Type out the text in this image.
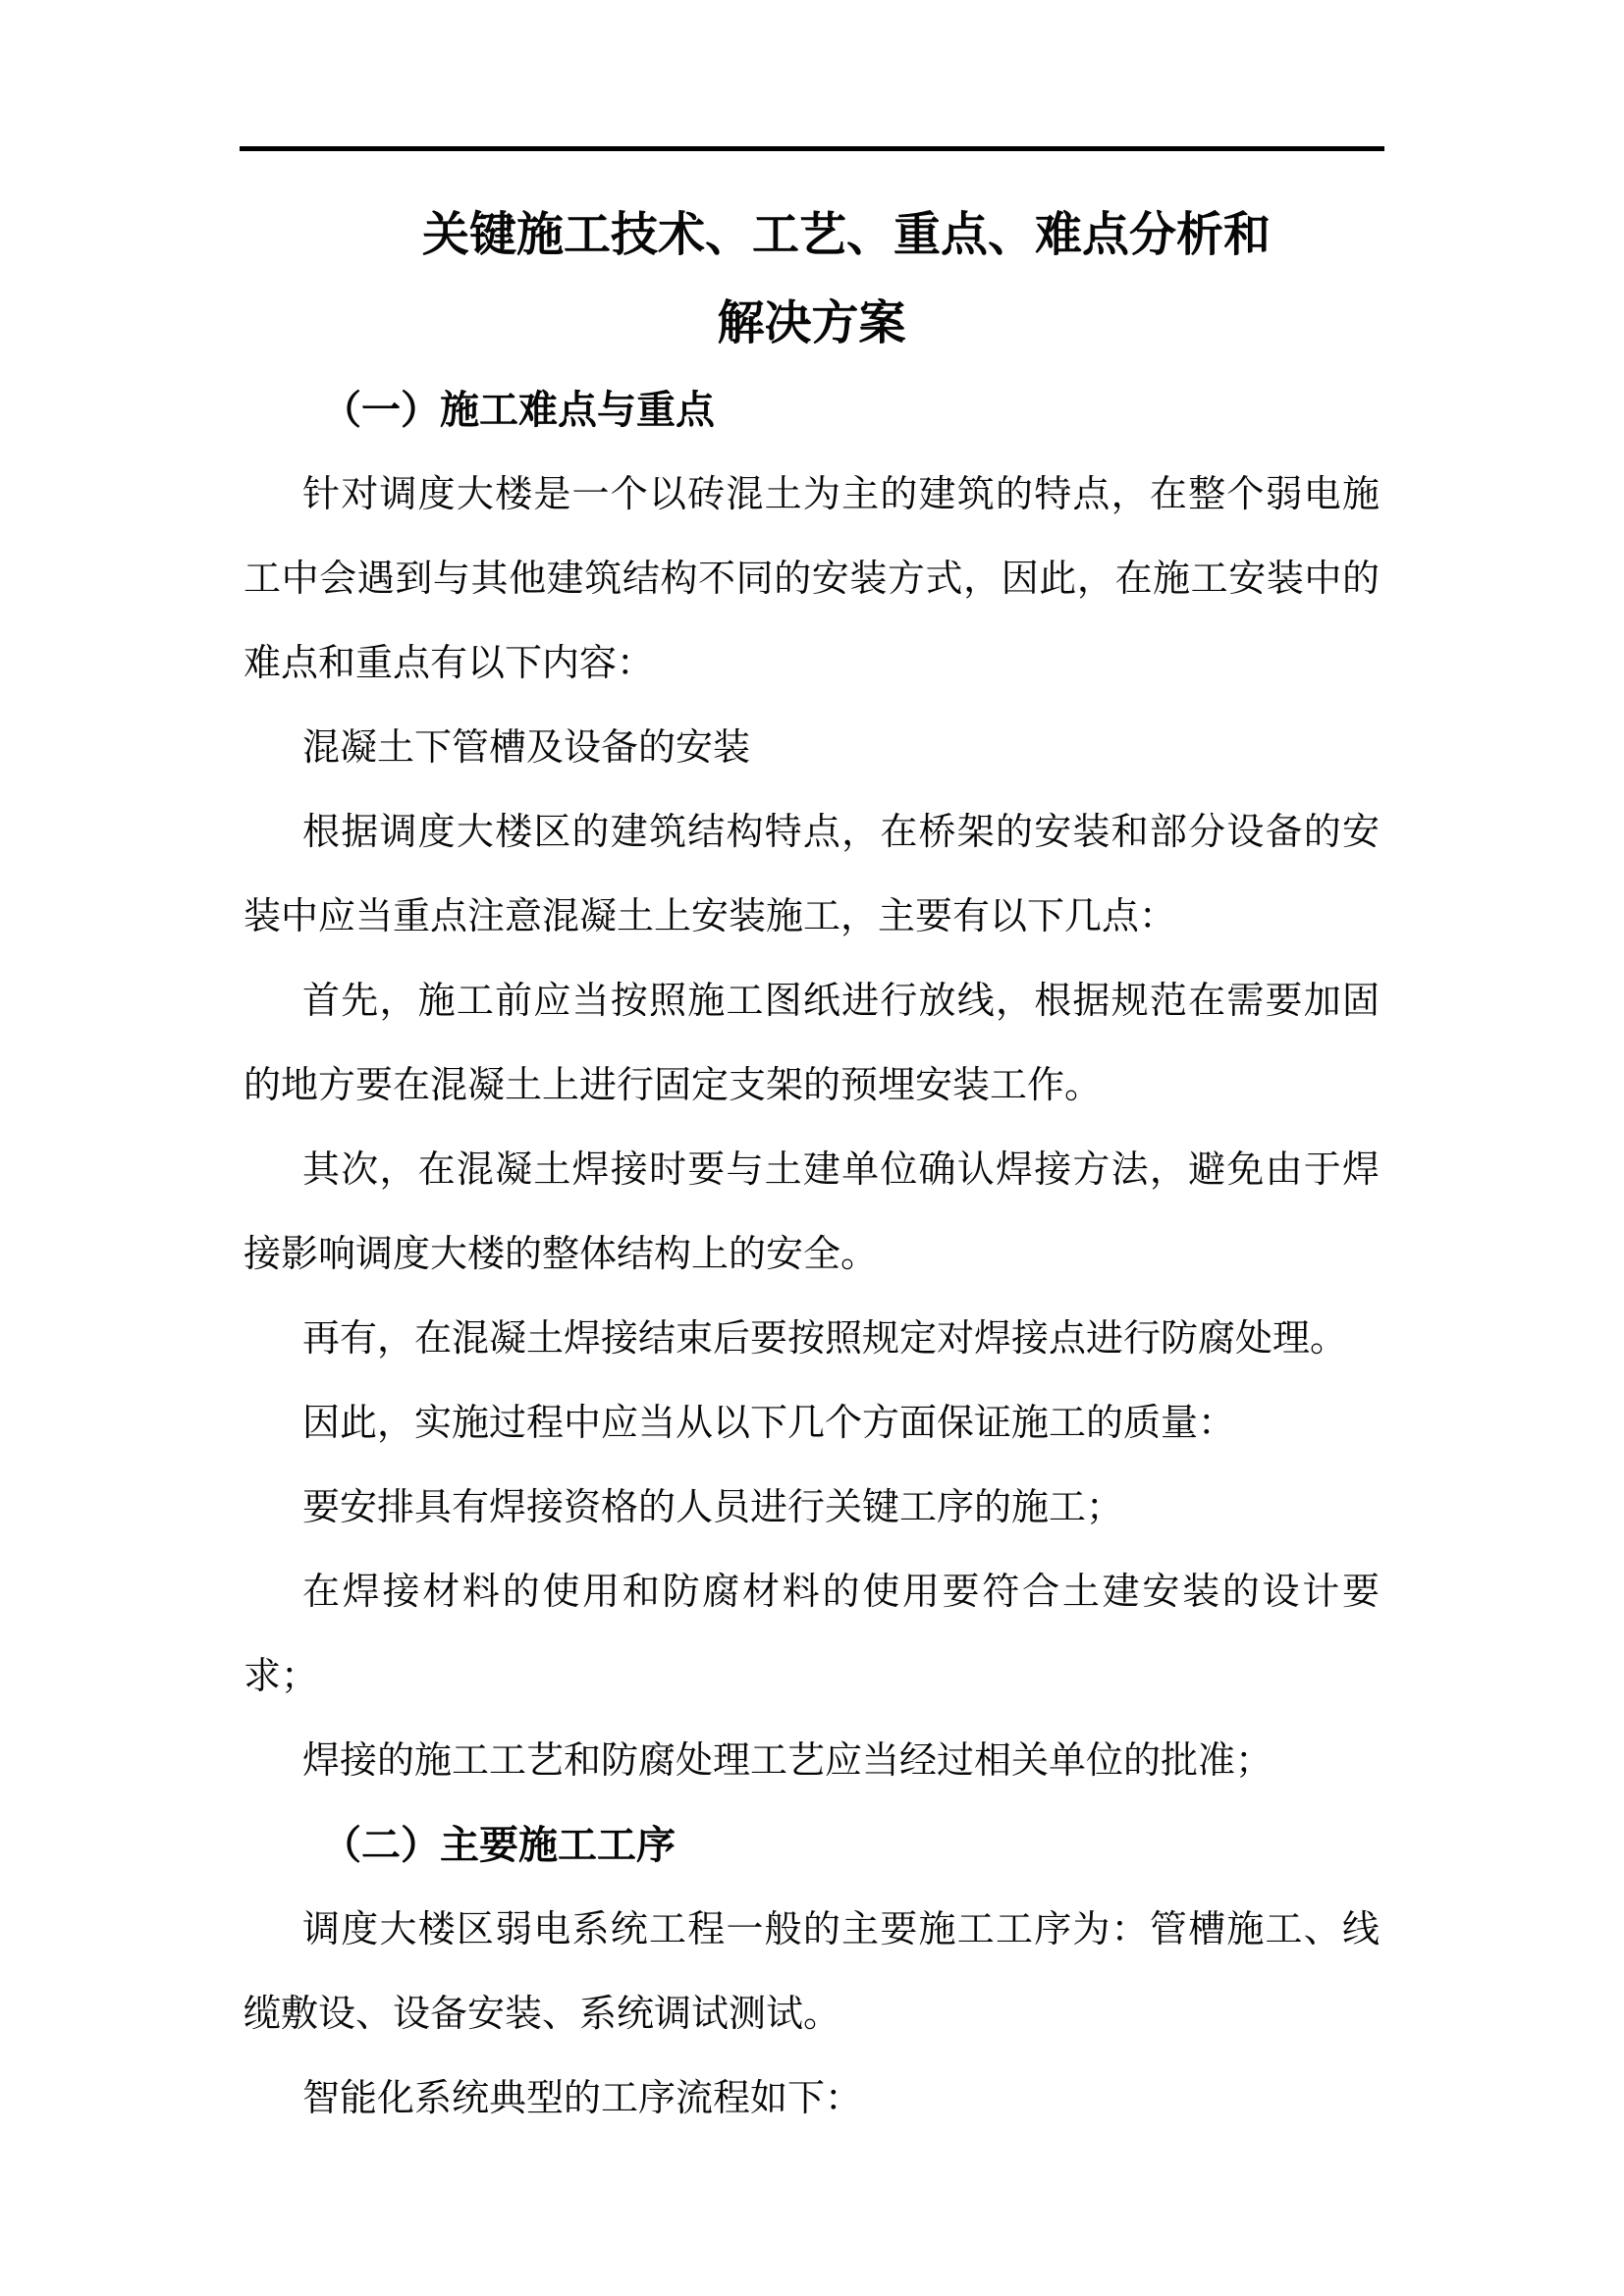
关键施工技术、工艺、重点、难点分析和
解决方案
（一）施工难点与重点

针对调度大楼是一个以砖混土为主的建筑的特点，在整个弱电施工中会遇到与其他建筑结构不同的安装方式，因此，在施工安装中的难点和重点有以下内容：

混凝土下管槽及设备的安装

根据调度大楼区的建筑结构特点，在桥架的安装和部分设备的安装中应当重点注意混凝土上安装施工，主要有以下几点：

首先，施工前应当按照施工图纸进行放线，根据规范在需要加固的地方要在混凝土上进行固定支架的预埋安装工作。

其次，在混凝土焊接时要与土建单位确认焊接方法，避免由于焊接影响调度大楼的整体结构上的安全。

再有，在混凝土焊接结束后要按照规定对焊接点进行防腐处理。

因此，实施过程中应当从以下几个方面保证施工的质量：

要安排具有焊接资格的人员进行关键工序的施工；

在焊接材料的使用和防腐材料的使用要符合土建安装的设计要求；

焊接的施工工艺和防腐处理工艺应当经过相关单位的批准；

（二）主要施工工序

调度大楼区弱电系统工程一般的主要施工工序为：管槽施工、线缆敷设、设备安装、系统调试测试。

智能化系统典型的工序流程如下：
